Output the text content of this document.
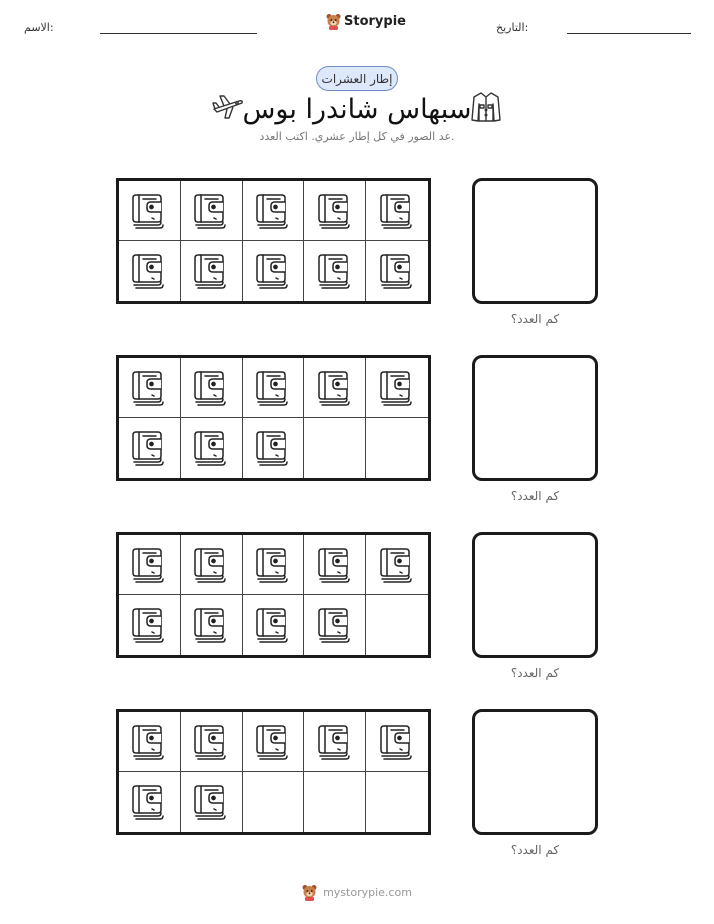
الاسم:	Storypie	التاريخ:
إطار العشرات
سبهاس شاندرا بوس
عد الصور في كل إطار عشري. اكتب العدد.
كم العدد؟
كم العدد؟
كم العدد؟
كم العدد؟
mystorypie.com
